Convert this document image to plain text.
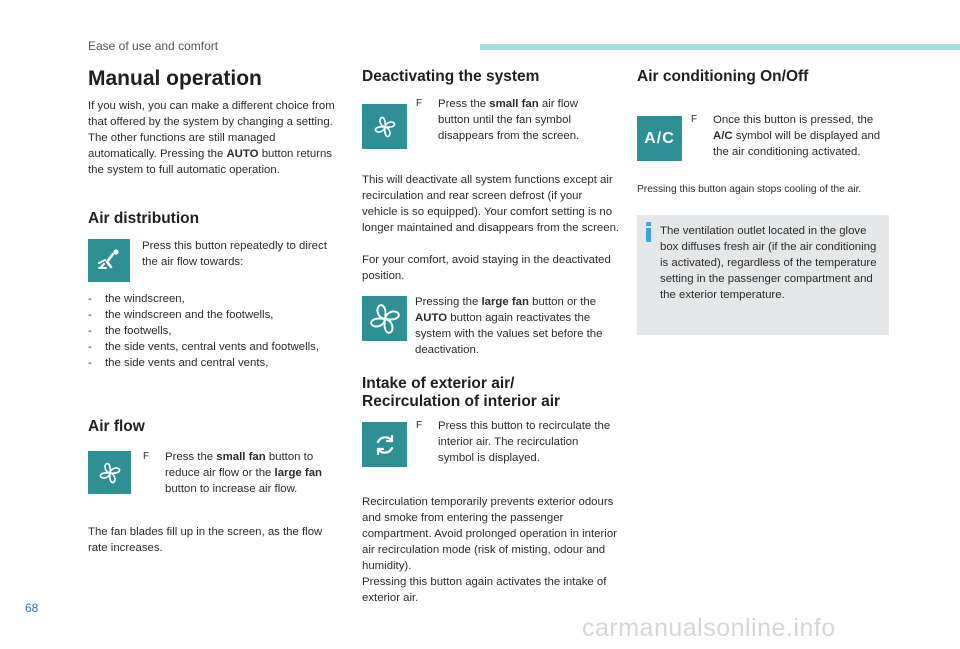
Ease of use and comfort
Manual operation

If you wish, you can make a different choice from that offered by the system by changing a setting. The other functions are still managed automatically. Pressing the AUTO button returns the system to full automatic operation.

Air distribution

Press this button repeatedly to direct the air flow towards:

-	the windscreen,
-	the windscreen and the footwells,
-	the footwells,
-	the side vents, central vents and footwells,
-	the side vents and central vents,
Air flow
F	Press the small fan button to reduce air flow or the large fan button to increase air flow.

The fan blades fill up in the screen, as the flow rate increases.

Deactivating the system
F	Press the small fan air flow button until the fan symbol disappears from the screen.

This will deactivate all system functions except air recirculation and rear screen defrost (if your vehicle is so equipped). Your comfort setting is no longer maintained and disappears from the screen.

For your comfort, avoid staying in the deactivated position.

Pressing the large fan button or the AUTO button again reactivates the system with the values set before the deactivation.

Intake of exterior air/
Recirculation of interior air
F	Press this button to recirculate the interior air. The recirculation symbol is displayed.

Recirculation temporarily prevents exterior odours and smoke from entering the passenger compartment. Avoid prolonged operation in interior air recirculation mode (risk of misting, odour and humidity).

Pressing this button again activates the intake of exterior air.

Air conditioning On/Off
A/C
F	Once this button is pressed, the A/C symbol will be displayed and the air conditioning activated.

Pressing this button again stops cooling of the air.

The ventilation outlet located in the glove box diffuses fresh air (if the air conditioning is activated), regardless of the temperature setting in the passenger compartment and the exterior temperature.

68
carmanualsonline.info
